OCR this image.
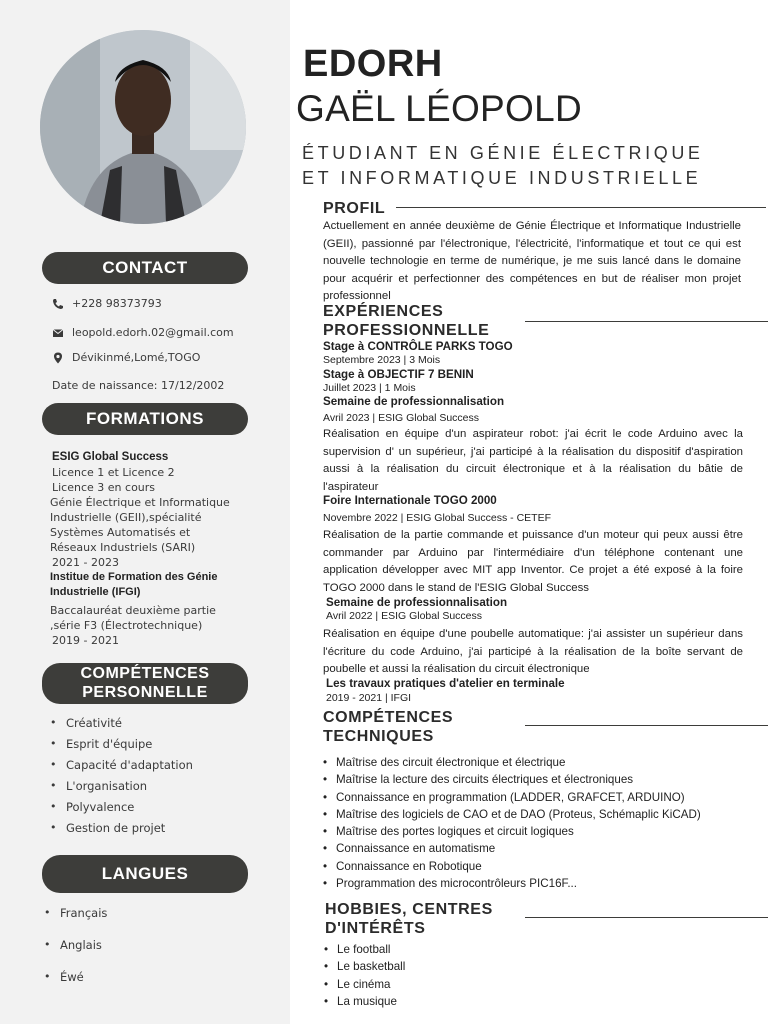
CONTACT
+228 98373793
leopold.edorh.02@gmail.com
Dévikinmé,Lomé,TOGO
Date de naissance: 17/12/2002
FORMATIONS
ESIG Global Success
Licence 1 et Licence 2
Licence 3 en cours
Génie Électrique et Informatique
Industrielle (GEII),spécialité
Systèmes Automatisés et
Réseaux Industriels (SARI)
2021 - 2023
Institue de Formation des Génie
Industrielle (IFGI)
Baccalauréat deuxième partie
,série F3 (Électrotechnique)
2019 - 2021
COMPÉTENCES
PERSONNELLE
• Créativité
• Esprit d'équipe
• Capacité d'adaptation
• L'organisation
• Polyvalence
• Gestion de projet
LANGUES
• Français
• Anglais
• Éwé
EDORH
GAËL LÉOPOLD
ÉTUDIANT EN GÉNIE ÉLECTRIQUE
ET INFORMATIQUE INDUSTRIELLE
PROFIL
Actuellement en année deuxième de Génie Électrique et Informatique Industrielle (GEII), passionné par l'électronique, l'électricité, l'informatique et tout ce qui est nouvelle technologie en terme de numérique, je me suis lancé dans le domaine pour acquérir et perfectionner des compétences en but de réaliser mon projet professionnel
EXPÉRIENCES
PROFESSIONNELLE
Stage à CONTRÔLE PARKS TOGO
Septembre 2023 | 3 Mois
Stage à OBJECTIF 7 BENIN
Juillet 2023 | 1 Mois
Semaine de professionnalisation
Avril 2023 | ESIG Global Success
Réalisation en équipe d'un aspirateur robot: j'ai écrit le code Arduino avec la supervision d' un supérieur, j'ai participé à la réalisation du dispositif d'aspiration aussi à la réalisation du circuit électronique et à la réalisation du bâtie de l'aspirateur
Foire Internationale TOGO 2000
Novembre 2022 | ESIG Global Success - CETEF
Réalisation de la partie commande et puissance d'un moteur qui peux aussi être commander par Arduino par l'intermédiaire d'un téléphone contenant une application développer avec MIT app Inventor. Ce projet a été exposé à la foire TOGO 2000 dans le stand de l'ESIG Global Success
Semaine de professionnalisation
Avril 2022 | ESIG Global Success
Réalisation en équipe d'une poubelle automatique: j'ai assister un supérieur dans l'écriture du code Arduino, j'ai participé à la réalisation de la boîte servant de poubelle et aussi la réalisation du circuit électronique
Les travaux pratiques d'atelier en terminale
2019 - 2021 | IFGI
COMPÉTENCES
TECHNIQUES
• Maîtrise des circuit électronique et électrique
• Maîtrise la lecture des circuits électriques et électroniques
• Connaissance en programmation (LADDER, GRAFCET, ARDUINO)
• Maîtrise des logiciels de CAO et de DAO (Proteus, Schémaplic KiCAD)
• Maîtrise des portes logiques et circuit logiques
• Connaissance en automatisme
• Connaissance en Robotique
• Programmation des microcontrôleurs PIC16F...
HOBBIES, CENTRES
D'INTÉRÊTS
• Le football
• Le basketball
• Le cinéma
• La musique
